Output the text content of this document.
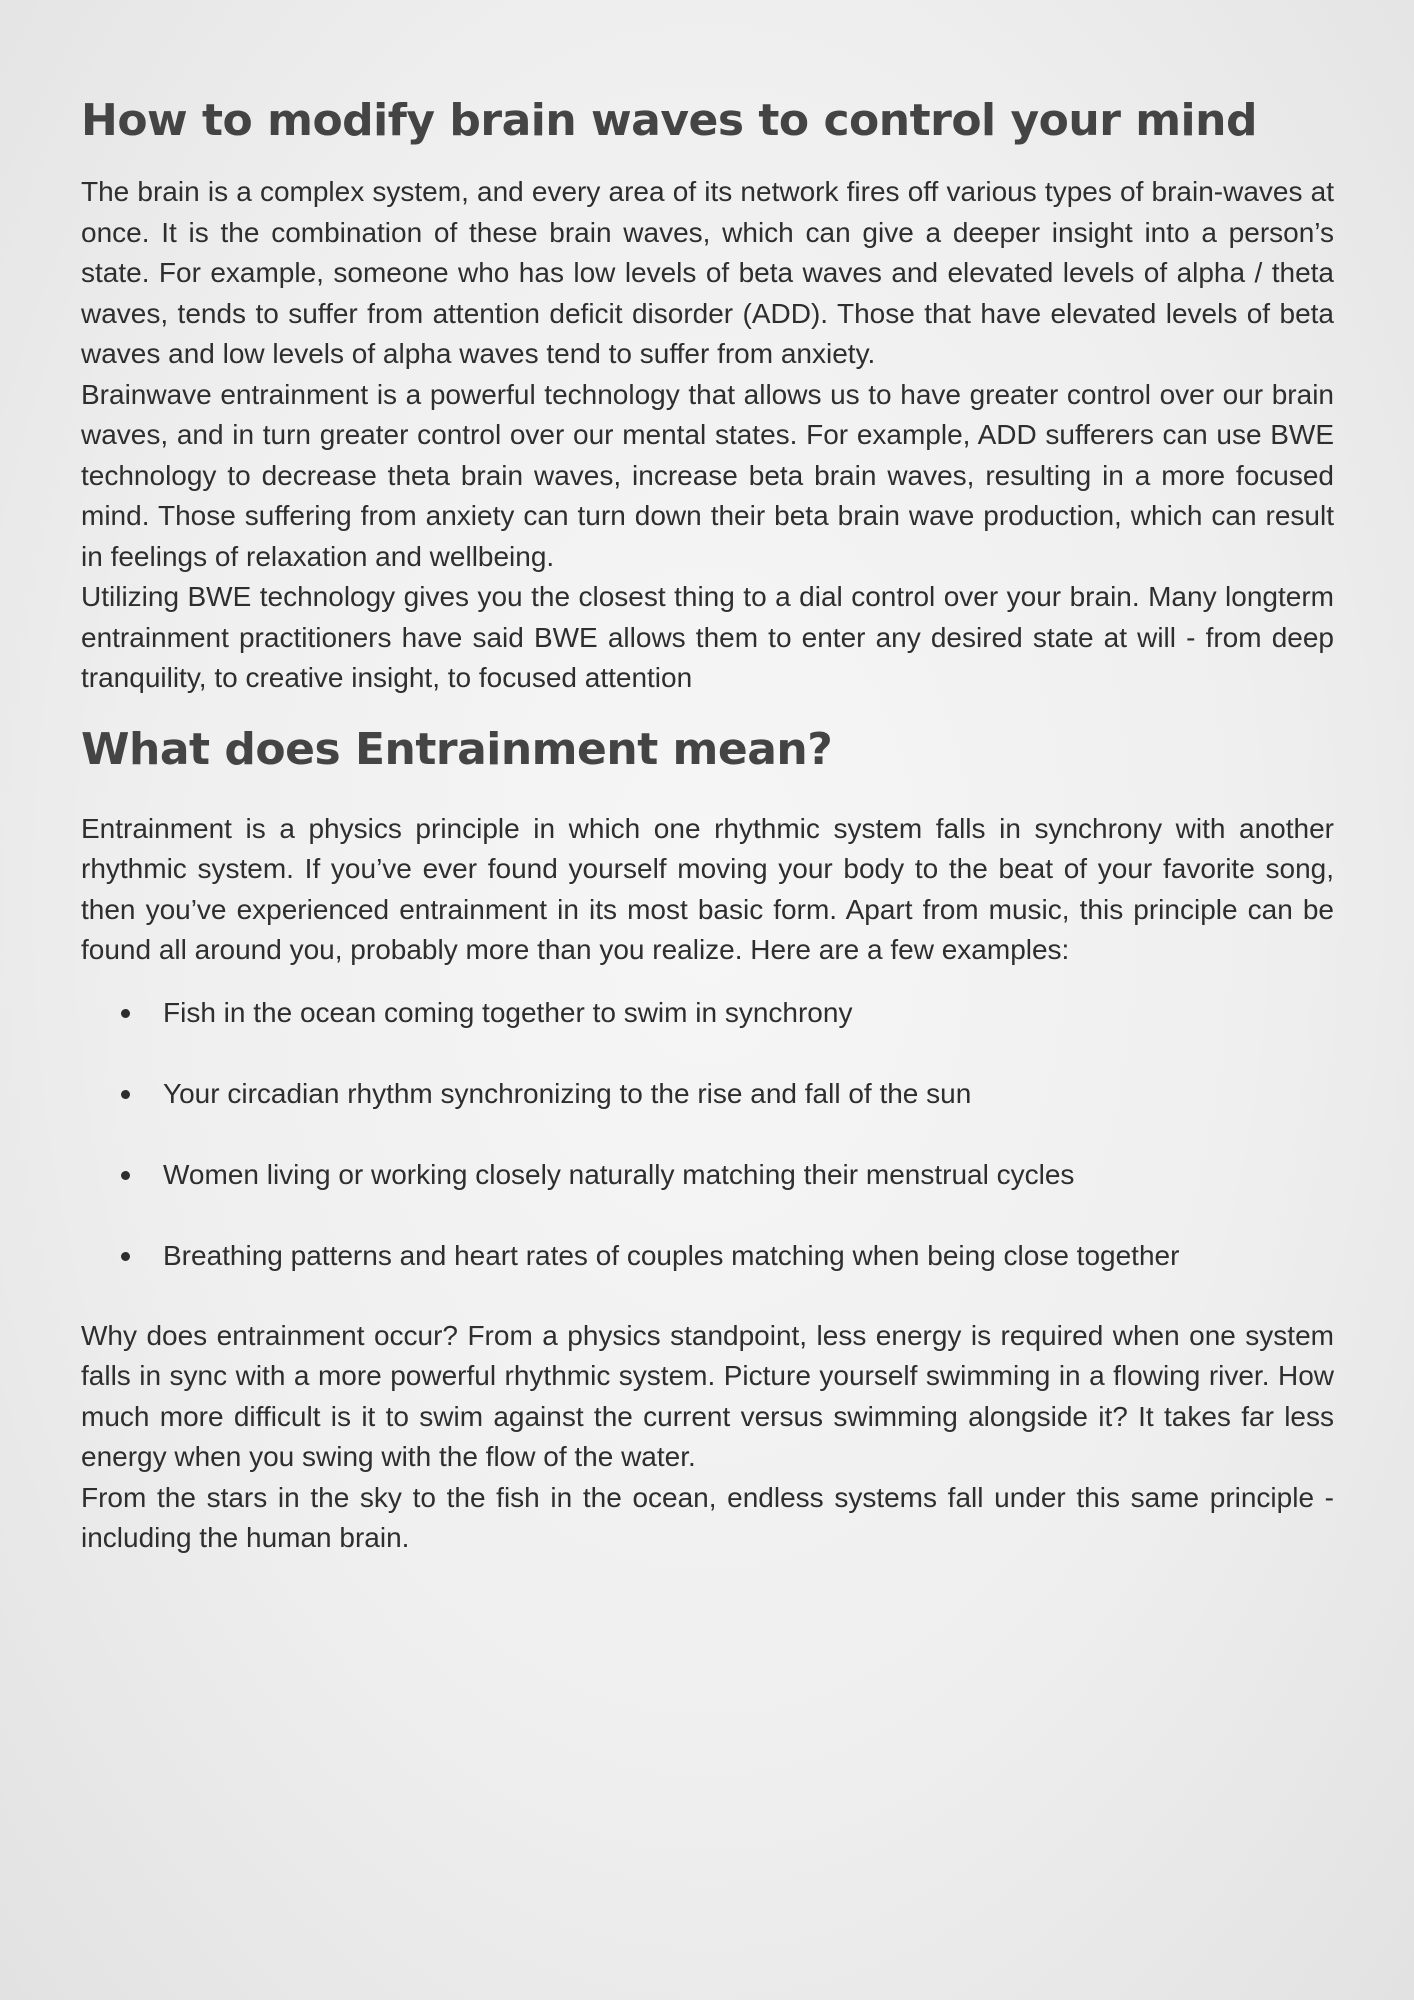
How to modify brain waves to control your mind

The brain is a complex system, and every area of its network fires off various types of brain-waves at once. It is the combination of these brain waves, which can give a deeper insight into a person’s state. For example, someone who has low levels of beta waves and elevated levels of alpha / theta waves, tends to suffer from attention deficit disorder (ADD). Those that have elevated levels of beta waves and low levels of alpha waves tend to suffer from anxiety.

Brainwave entrainment is a powerful technology that allows us to have greater control over our brain waves, and in turn greater control over our mental states. For example, ADD sufferers can use BWE technology to decrease theta brain waves, increase beta brain waves, resulting in a more focused mind. Those suffering from anxiety can turn down their beta brain wave production, which can result in feelings of relaxation and wellbeing.

Utilizing BWE technology gives you the closest thing to a dial control over your brain. Many longterm entrainment practitioners have said BWE allows them to enter any desired state at will - from deep tranquility, to creative insight, to focused attention

What does Entrainment mean?

Entrainment is a physics principle in which one rhythmic system falls in synchrony with another rhythmic system. If you’ve ever found yourself moving your body to the beat of your favorite song, then you’ve experienced entrainment in its most basic form. Apart from music, this principle can be found all around you, probably more than you realize. Here are a few examples:

Fish in the ocean coming together to swim in synchrony
Your circadian rhythm synchronizing to the rise and fall of the sun
Women living or working closely naturally matching their menstrual cycles
Breathing patterns and heart rates of couples matching when being close together

Why does entrainment occur? From a physics standpoint, less energy is required when one system falls in sync with a more powerful rhythmic system. Picture yourself swimming in a flowing river. How much more difficult is it to swim against the current versus swimming alongside it? It takes far less energy when you swing with the flow of the water.

From the stars in the sky to the fish in the ocean, endless systems fall under this same principle - including the human brain.
